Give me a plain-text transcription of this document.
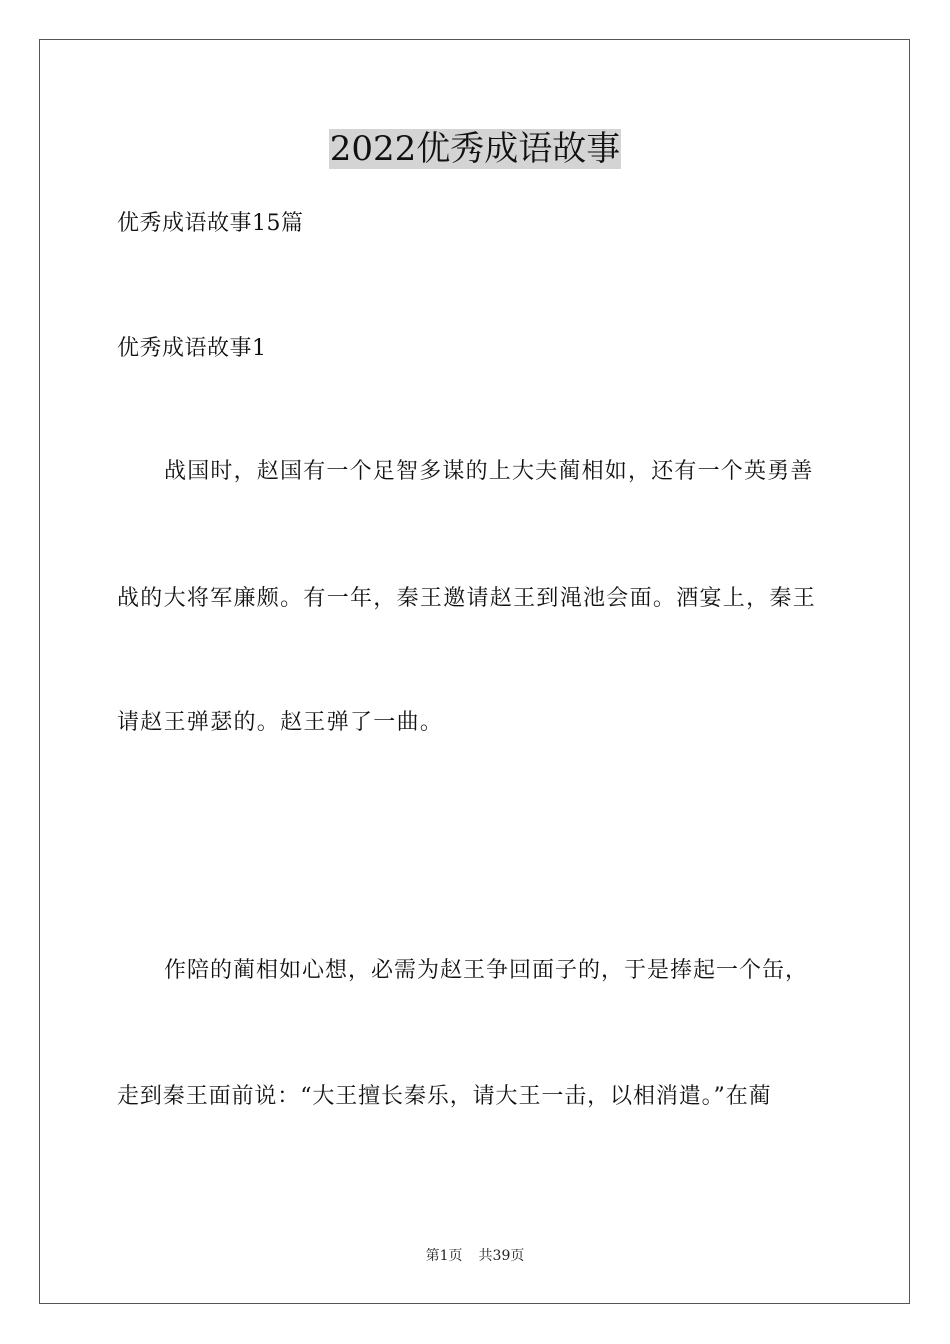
2022优秀成语故事
优秀成语故事15篇
优秀成语故事1
战国时，赵国有一个足智多谋的上大夫蔺相如，还有一个英勇善
战的大将军廉颇。有一年，秦王邀请赵王到渑池会面。酒宴上，秦王
请赵王弹瑟的。赵王弹了一曲。
作陪的蔺相如心想，必需为赵王争回面子的，于是捧起一个缶，
走到秦王面前说：“大王擅长秦乐，请大王一击，以相消遣。”在蔺
第1页 共39页
